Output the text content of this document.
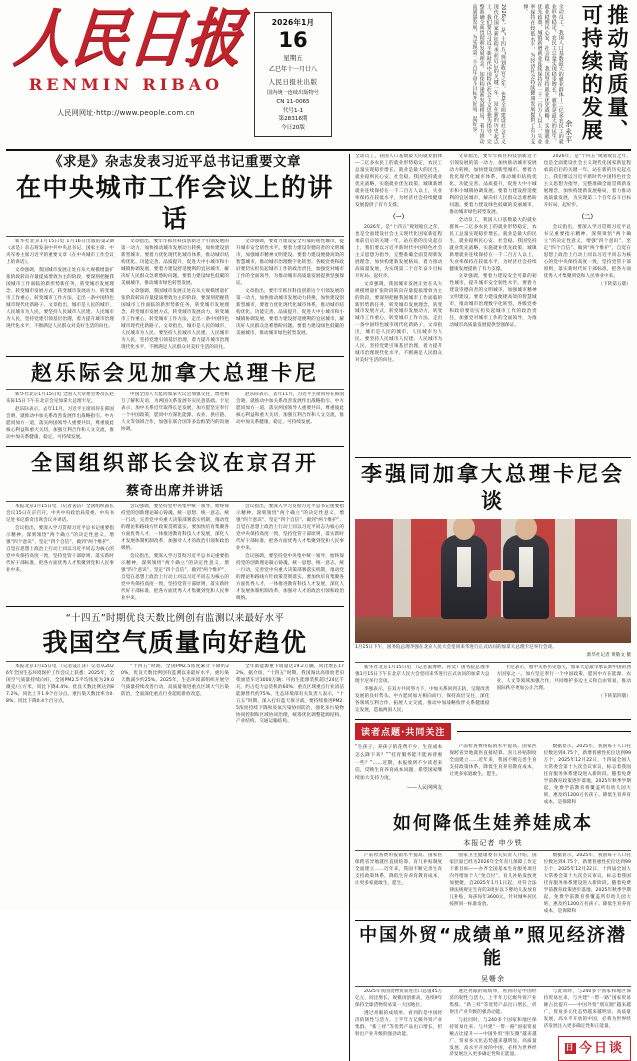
人民日报
RENMIN RIBAO
人民网网址·http://www.people.com.cn
2026年1月
16
星期五
乙巳年十一月廿八
人民日报社出版
国内统一连续出版物号
CN 11-0065
代号1-1
第28316期
今日20版	推动高质量、可持续的发展
余永平
全动员工，我国人口基数最大的就业群体—二亿多农民工的就业形势稳定，农民工总量实现稳步增长。就业是最大的民生，就业稳则民心安、社会稳。我国坚持就业优先战略，实施就业优先政策，城镇新增就业连续保持在一千二百万人以上，失业率保持在较低水平，为经济社会持续健康发展提供了有力支撑。
2026年，是“十四五”规划收官之年，也是全面建设社会主义现代化国家新征程承前启后的关键一年。站在新的历史起点上，我们要以习近平新时代中国特色社会主义思想为指导，完整准确全面贯彻新发展理念，加快构建新发展格局，着力推动高质量发展，为实现第二个百年奋斗目标开好局、起好步。
《求是》杂志发表习近平总书记重要文章
在中央城市工作会议上的讲话

新华社北京1月15日电 1月16日出版的第2期《求是》杂志将发表中共中央总书记、国家主席、中央军委主席习近平的重要文章《在中央城市工作会议上的讲话》。

文章强调，我国城市发展正处在从大规模增量扩张阶段转向存量提质增效为主的阶段，要深刻把握我国城市工作面临的新形势新任务，转变城市发展理念，转变城市发展方式，转变城市发展动力，转变城市工作重心，转变城市工作方法，走出一条中国特色城市现代化新路子。文章指出，城市是人民的城市，人民城市为人民。要坚持人民城市人民建、人民城市为人民，坚持党建引领基层治理，着力提升城市治理现代化水平，不断满足人民群众对美好生活的向往。

文章指出，要牢牢抓住科技创新这个引领发展的第一动力，加快推动城市发展动力转换，加快建设创新型城市。要着力优化现代化城市体系，推动城市结构优化、功能完善、品质提升，促进大中小城市和小城镇协调发展。要着力建设舒适便利的宜居城市，解决好人民群众急难愁盼问题。要着力建设绿色低碳的美丽城市，推动城市绿色转型发展。

文章强调，我国城市发展正处在从大规模增量扩张阶段转向存量提质增效为主的阶段，要深刻把握我国城市工作面临的新形势新任务，转变城市发展理念，转变城市发展方式，转变城市发展动力，转变城市工作重心，转变城市工作方法，走出一条中国特色城市现代化新路子。文章指出，城市是人民的城市，人民城市为人民。要坚持人民城市人民建、人民城市为人民，坚持党建引领基层治理，着力提升城市治理现代化水平，不断满足人民群众对美好生活的向往。

文章强调，要着力建设安全可靠的韧性城市，提升城市安全韧性水平。要着力建设崇德向善的文明城市，加强城市精神文明建设。要着力建设便捷高效的智慧城市，推动城市治理数字化转型。各级党委和政府要切实担负起城市工作的政治责任，加强党对城市工作的全面领导，为推动城市高质量发展提供坚强保证。

文章指出，要牢牢抓住科技创新这个引领发展的第一动力，加快推动城市发展动力转换，加快建设创新型城市。要着力优化现代化城市体系，推动城市结构优化、功能完善、品质提升，促进大中小城市和小城镇协调发展。要着力建设舒适便利的宜居城市，解决好人民群众急难愁盼问题。要着力建设绿色低碳的美丽城市，推动城市绿色转型发展。

赵乐际会见加拿大总理卡尼

新华社北京1月15日电 全国人大常委会委员长赵乐际15日下午在北京会见加拿大总理卡尼。

赵乐际表示，去年11月，习近平主席同你在韩国会晤，就推动中加关系改善发展作出战略指引。中方愿同加方一道，落实两国领导人重要共识，尊重彼此核心利益和重大关切，加强互利合作和人文交流，推动中加关系健康、稳定、可持续发展。

中国全国人大愿同加拿大议会加强交往，增进相互了解和友谊，为两国关系发展夯实民意基础。卡尼表示，加中关系近年取得长足发展，加方愿坚定奉行一个中国政策，愿同中方深化能源、农业、供应链、人文等领域合作，加强在联合国等多边框架内的沟通协调。

赵乐际表示，去年11月，习近平主席同你在韩国会晤，就推动中加关系改善发展作出战略指引。中方愿同加方一道，落实两国领导人重要共识，尊重彼此核心利益和重大关切，加强互利合作和人文交流，推动中加关系健康、稳定、可持续发展。

全国组织部长会议在京召开
蔡奇出席并讲话

本报北京1月15日电 （记者姜洁）全国组织部长会议15日在京召开。中共中央政治局常委、中央书记处书记蔡奇出席会议并讲话。

会议指出，要深入学习贯彻习近平总书记重要指示精神，深刻领悟“两个确立”的决定性意义，增强“四个意识”、坚定“四个自信”、做到“两个维护”，自觉在思想上政治上行动上同以习近平同志为核心的党中央保持高度一致，坚持党管干部原则，落实新时代好干部标准，把各方面优秀人才集聚到党和人民事业中来。

会议强调，要坚持党中央集中统一领导，始终保持党的创新理论凝心铸魂，统一思想、统一意志、统一行动，完善党中央重大决策部署落实机制，推动党的理论和路线方针政策贯彻落实。要加快培育集聚各方面优秀人才，一体推进教育科技人才发展，深化人才发展体制机制改革，加强对人才的政治引领和政治吸纳。

会议指出，要深入学习贯彻习近平总书记重要指示精神，深刻领悟“两个确立”的决定性意义，增强“四个意识”、坚定“四个自信”、做到“两个维护”，自觉在思想上政治上行动上同以习近平同志为核心的党中央保持高度一致，坚持党管干部原则，落实新时代好干部标准，把各方面优秀人才集聚到党和人民事业中来。

会议指出，要深入学习贯彻习近平总书记重要指示精神，深刻领悟“两个确立”的决定性意义，增强“四个意识”、坚定“四个自信”、做到“两个维护”，自觉在思想上政治上行动上同以习近平同志为核心的党中央保持高度一致，坚持党管干部原则，落实新时代好干部标准，把各方面优秀人才集聚到党和人民事业中来。

会议强调，要坚持党中央集中统一领导，始终保持党的创新理论凝心铸魂，统一思想、统一意志、统一行动，完善党中央重大决策部署落实机制，推动党的理论和路线方针政策贯彻落实。要加快培育集聚各方面优秀人才，一体推进教育科技人才发展，深化人才发展体制机制改革，加强对人才的政治引领和政治吸纳。

“十四五”时期优良天数比例创有监测以来最好水平
我国空气质量向好趋优

本报北京1月15日电 （记者寇江泽）记者从2026年全国生态环境保护工作会议上获悉：2025年，全国空气质量持续向好，全国PM2.5平均浓度为29.0微克/立方米，同比下降4.4%；优良天数比例达到87.2%，同比上升1.9个百分点。重污染天数比率为0.8%，同比下降0.4个百分点。

“十四五”时期，全国PM2.5浓度累计下降约20%，优良天数比例创有监测以来最好水平，重污染天数减少约25%。2025年，生态环境部组织开展空气质量持续改善行动，高质量推进重点区域大气污染防治，全面深化重点行业超低排放改造。

全年新能源重卡销量达19.2万辆，同比增长172%。据介绍，“十四五”时期，我国淘汰高排放老旧柴油货车近3000万辆；可再生能源装机超过24亿千瓦，约占电力总装机的60%；重点区域重点行业清洁能源替代约75%。生态环境部有关负责人表示，“十五五”时期，深入打好蓝天保卫战，要持续推进PM2.5浓度持续下降和臭氧污染协同防治，强化多污染物协同控制和区域协同治理，统筹优化调整能源结构、产业结构、交通运输结构。

全动员工，我国人口基数最大的就业群体—二亿多农民工的就业形势稳定，农民工总量实现稳步增长。就业是最大的民生，就业稳则民心安、社会稳。我国坚持就业优先战略，实施就业优先政策，城镇新增就业连续保持在一千二百万人以上，失业率保持在较低水平，为经济社会持续健康发展提供了有力支撑。

（一）

2026年，是“十四五”规划收官之年，也是全面建设社会主义现代化国家新征程承前启后的关键一年。站在新的历史起点上，我们要以习近平新时代中国特色社会主义思想为指导，完整准确全面贯彻新发展理念，加快构建新发展格局，着力推动高质量发展，为实现第二个百年奋斗目标开好局、起好步。

文章强调，我国城市发展正处在从大规模增量扩张阶段转向存量提质增效为主的阶段，要深刻把握我国城市工作面临的新形势新任务，转变城市发展理念，转变城市发展方式，转变城市发展动力，转变城市工作重心，转变城市工作方法，走出一条中国特色城市现代化新路子。文章指出，城市是人民的城市，人民城市为人民。要坚持人民城市人民建、人民城市为人民，坚持党建引领基层治理，着力提升城市治理现代化水平，不断满足人民群众对美好生活的向往。

文章指出，要牢牢抓住科技创新这个引领发展的第一动力，加快推动城市发展动力转换，加快建设创新型城市。要着力优化现代化城市体系，推动城市结构优化、功能完善、品质提升，促进大中小城市和小城镇协调发展。要着力建设舒适便利的宜居城市，解决好人民群众急难愁盼问题。要着力建设绿色低碳的美丽城市，推动城市绿色转型发展。

全动员工，我国人口基数最大的就业群体—二亿多农民工的就业形势稳定，农民工总量实现稳步增长。就业是最大的民生，就业稳则民心安、社会稳。我国坚持就业优先战略，实施就业优先政策，城镇新增就业连续保持在一千二百万人以上，失业率保持在较低水平，为经济社会持续健康发展提供了有力支撑。

文章强调，要着力建设安全可靠的韧性城市，提升城市安全韧性水平。要着力建设崇德向善的文明城市，加强城市精神文明建设。要着力建设便捷高效的智慧城市，推动城市治理数字化转型。各级党委和政府要切实担负起城市工作的政治责任，加强党对城市工作的全面领导，为推动城市高质量发展提供坚强保证。

2026年，是“十四五”规划收官之年，也是全面建设社会主义现代化国家新征程承前启后的关键一年。站在新的历史起点上，我们要以习近平新时代中国特色社会主义思想为指导，完整准确全面贯彻新发展理念，加快构建新发展格局，着力推动高质量发展，为实现第二个百年奋斗目标开好局、起好步。

（二）

会议指出，要深入学习贯彻习近平总书记重要指示精神，深刻领悟“两个确立”的决定性意义，增强“四个意识”、坚定“四个自信”、做到“两个维护”，自觉在思想上政治上行动上同以习近平同志为核心的党中央保持高度一致，坚持党管干部原则，落实新时代好干部标准，把各方面优秀人才集聚到党和人民事业中来。

（下转第五版）

李强同加拿大总理卡尼会谈
1月15日下午，国务院总理李强在北京人民大会堂同来华进行正式访问的加拿大总理卡尼举行会谈。
新华社记者 黄敬文 摄

新华社北京1月15日电 （记者董博婷、孙奕）国务院总理李强1月15日下午在北京人民大会堂同来华进行正式访问的加拿大总理卡尼举行会谈。

李强表示，在双方共同努力下，中加关系回到正轨，呈现改善发展的良好势头。中方愿同加方相向而行，保持高层交往，深化各领域互利合作，拓展人文交流，推动中加战略伙伴关系健康稳定发展，造福两国人民。

卡尼表示，加中关系历史悠久，加拿大是最早承认新中国的西方国家之一。加方坚定奉行一个中国政策，愿同中方在能源、农业、人文等领域加强合作，共同维护多边主义和自由贸易，推动国际秩序更加公正合理。

（下转第四版）

读者点题·共同关注

“生孩子、养孩子的花费不少，生育成本怎么降下来？”“托育服务能不能再普惠一些？”……近期，本报收到不少读者来信，反映生育养育成本问题，希望国家继续加大支持力度。

——人民网网友

产前检查费用报销水平提高、国家医保跨省异地就医直接结算、育儿补贴制度全面建立……近年来，我国不断完善生育支持政策体系，降低生育养育教育成本，让更多家庭敢生、愿生。

数据显示，2025年，我国每千人口托位数达到4.75个，新增普惠性托位达到99万个，2025年12月22日，十四届全国人大常委会第十九次会议审议，标志着我国托育服务体系建设进入新阶段。随着免费学前教育政策逐步落地，2025年秋季学期起，免费学前教育将覆盖所有幼儿园大班，惠及约1200万名孩子。降低生育养育成本，是保障和

如何降低生娃养娃成本
本报记者 申少铁

产前检查费用报销水平提高、国家医保跨省异地就医直接结算、育儿补贴制度全面建立……近年来，我国不断完善生育支持政策体系，降低生育养育教育成本，让更多家庭敢生、愿生。

国家卫生健康委有关负责人介绍，国家层面已经为2026年全年育儿保障工作定下新目标——办齐全国基本生育服务项目内外增加个人“免自付”。育儿补贴发放更加便捷，自2025年1月1日起，对符合法律法规规定生育的3周岁以下婴幼儿发放育儿补贴，每孩每年3600元，针对城乡居民按照同一标准发放。

数据显示，2025年，我国每千人口托位数达到4.75个，新增普惠性托位达到99万个，2025年12月22日，十四届全国人大常委会第十九次会议审议，标志着我国托育服务体系建设进入新阶段。随着免费学前教育政策逐步落地，2025年秋季学期起，免费学前教育将覆盖所有幼儿园大班，惠及约1200万名孩子。降低生育养育成本，是保障和

中国外贸“成绩单”照见经济潜能
吴姗余

2025年我国货物贸易进出口总值45万亿元，同比增长，规模再创新高，连续9年保持全球货物贸易第一大国地位。

透过亮眼的成绩单，看到的是中国经济的韧性与活力。上半年万亿级外贸产业集群、“新三样”等优势产品出口增长，折射出产业升级的强劲动能。

透过亮眼的成绩单，看到的是中国经济的韧性与活力。上半年万亿级外贸产业集群、“新三样”等优势产品出口增长，折射出产业升级的强劲动能。

与此同时，与240多个国家和地区保持贸易往来，与共建“一带一路”国家贸易额占比提升——中国外贸“朋友圈”越来越广，贸易多元化态势越来越明显。高质量发展、高水平开放的中国，必将为世界经济发展注入更多确定性和正能量。

与此同时，与240多个国家和地区保持贸易往来，与共建“一带一路”国家贸易额占比提升——中国外贸“朋友圈”越来越广，贸易多元化态势越来越明显。高质量发展、高水平开放的中国，必将为世界经济发展注入更多确定性和正能量。

日 今日谈
